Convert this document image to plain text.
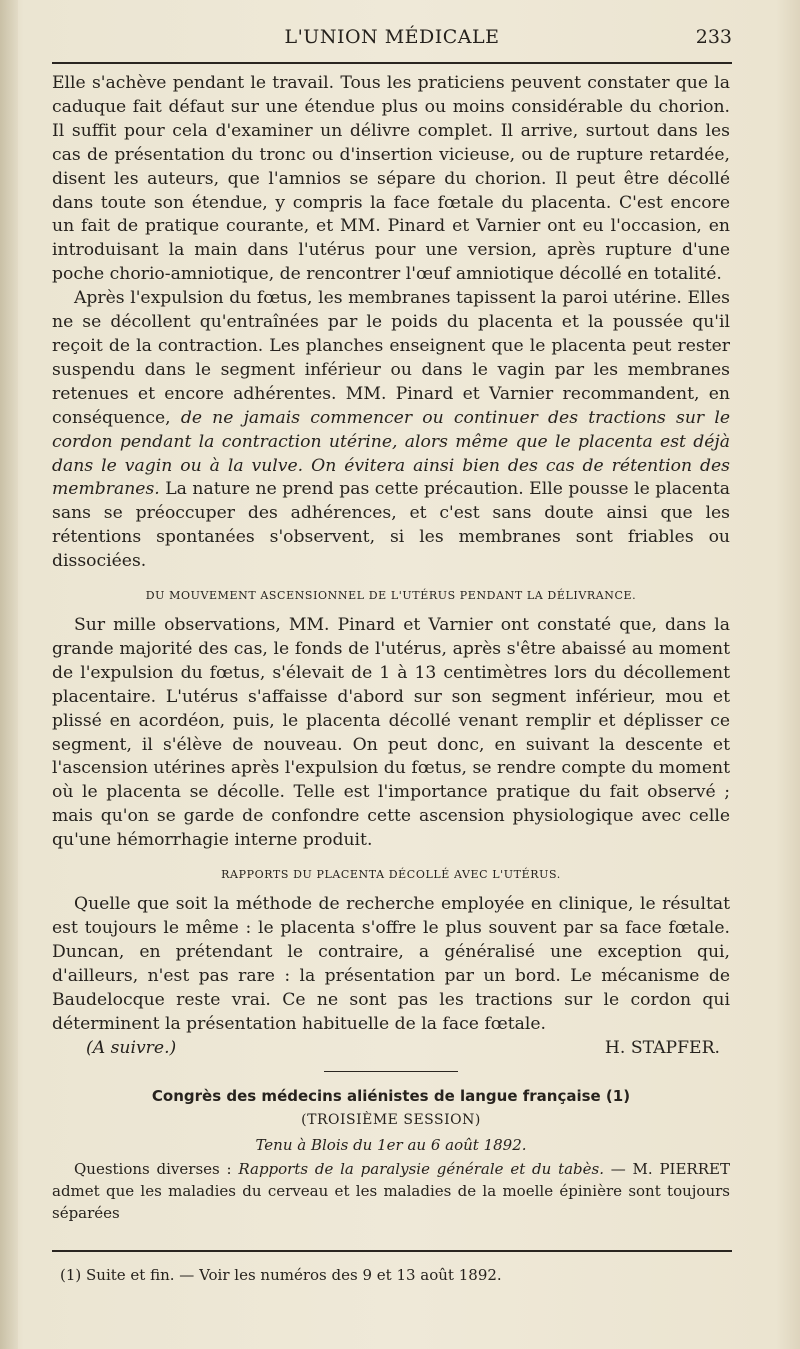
L'UNION MÉDICALE	233

Elle s'achève pendant le travail. Tous les praticiens peuvent constater que la caduque fait défaut sur une étendue plus ou moins considérable du chorion. Il suffit pour cela d'examiner un délivre complet. Il arrive, surtout dans les cas de présentation du tronc ou d'insertion vicieuse, ou de rupture retardée, disent les auteurs, que l'amnios se sépare du chorion. Il peut être décollé dans toute son étendue, y compris la face fœtale du placenta. C'est encore un fait de pratique courante, et MM. Pinard et Varnier ont eu l'occasion, en introduisant la main dans l'utérus pour une version, après rupture d'une poche chorio-amniotique, de rencontrer l'œuf amniotique décollé en totalité.

Après l'expulsion du fœtus, les membranes tapissent la paroi utérine. Elles ne se décollent qu'entraînées par le poids du placenta et la poussée qu'il reçoit de la contraction. Les planches enseignent que le placenta peut rester suspendu dans le segment inférieur ou dans le vagin par les membranes retenues et encore adhérentes. MM. Pinard et Varnier recommandent, en conséquence, de ne jamais commencer ou continuer des tractions sur le cordon pendant la contraction utérine, alors même que le placenta est déjà dans le vagin ou à la vulve. On évitera ainsi bien des cas de rétention des membranes. La nature ne prend pas cette précaution. Elle pousse le placenta sans se préoccuper des adhérences, et c'est sans doute ainsi que les rétentions spontanées s'observent, si les membranes sont friables ou dissociées.

DU MOUVEMENT ASCENSIONNEL DE L'UTÉRUS PENDANT LA DÉLIVRANCE.

Sur mille observations, MM. Pinard et Varnier ont constaté que, dans la grande majorité des cas, le fonds de l'utérus, après s'être abaissé au moment de l'expulsion du fœtus, s'élevait de 1 à 13 centimètres lors du décollement placentaire. L'utérus s'affaisse d'abord sur son segment inférieur, mou et plissé en acordéon, puis, le placenta décollé venant remplir et déplisser ce segment, il s'élève de nouveau. On peut donc, en suivant la descente et l'ascension utérines après l'expulsion du fœtus, se rendre compte du moment où le placenta se décolle. Telle est l'importance pratique du fait observé ; mais qu'on se garde de confondre cette ascension physiologique avec celle qu'une hémorrhagie interne produit.

RAPPORTS DU PLACENTA DÉCOLLÉ AVEC L'UTÉRUS.

Quelle que soit la méthode de recherche employée en clinique, le résultat est toujours le même : le placenta s'offre le plus souvent par sa face fœtale. Duncan, en prétendant le contraire, a généralisé une exception qui, d'ailleurs, n'est pas rare : la présentation par un bord. Le mécanisme de Baudelocque reste vrai. Ce ne sont pas les tractions sur le cordon qui déterminent la présentation habituelle de la face fœtale.

(A suivre.)	H. STAPFER.
Congrès des médecins aliénistes de langue française (1)
(TROISIÈME SESSION)
Tenu à Blois du 1er au 6 août 1892.

Questions diverses : Rapports de la paralysie générale et du tabès. — M. PIERRET admet que les maladies du cerveau et les maladies de la moelle épinière sont toujours séparées

(1) Suite et fin. — Voir les numéros des 9 et 13 août 1892.
